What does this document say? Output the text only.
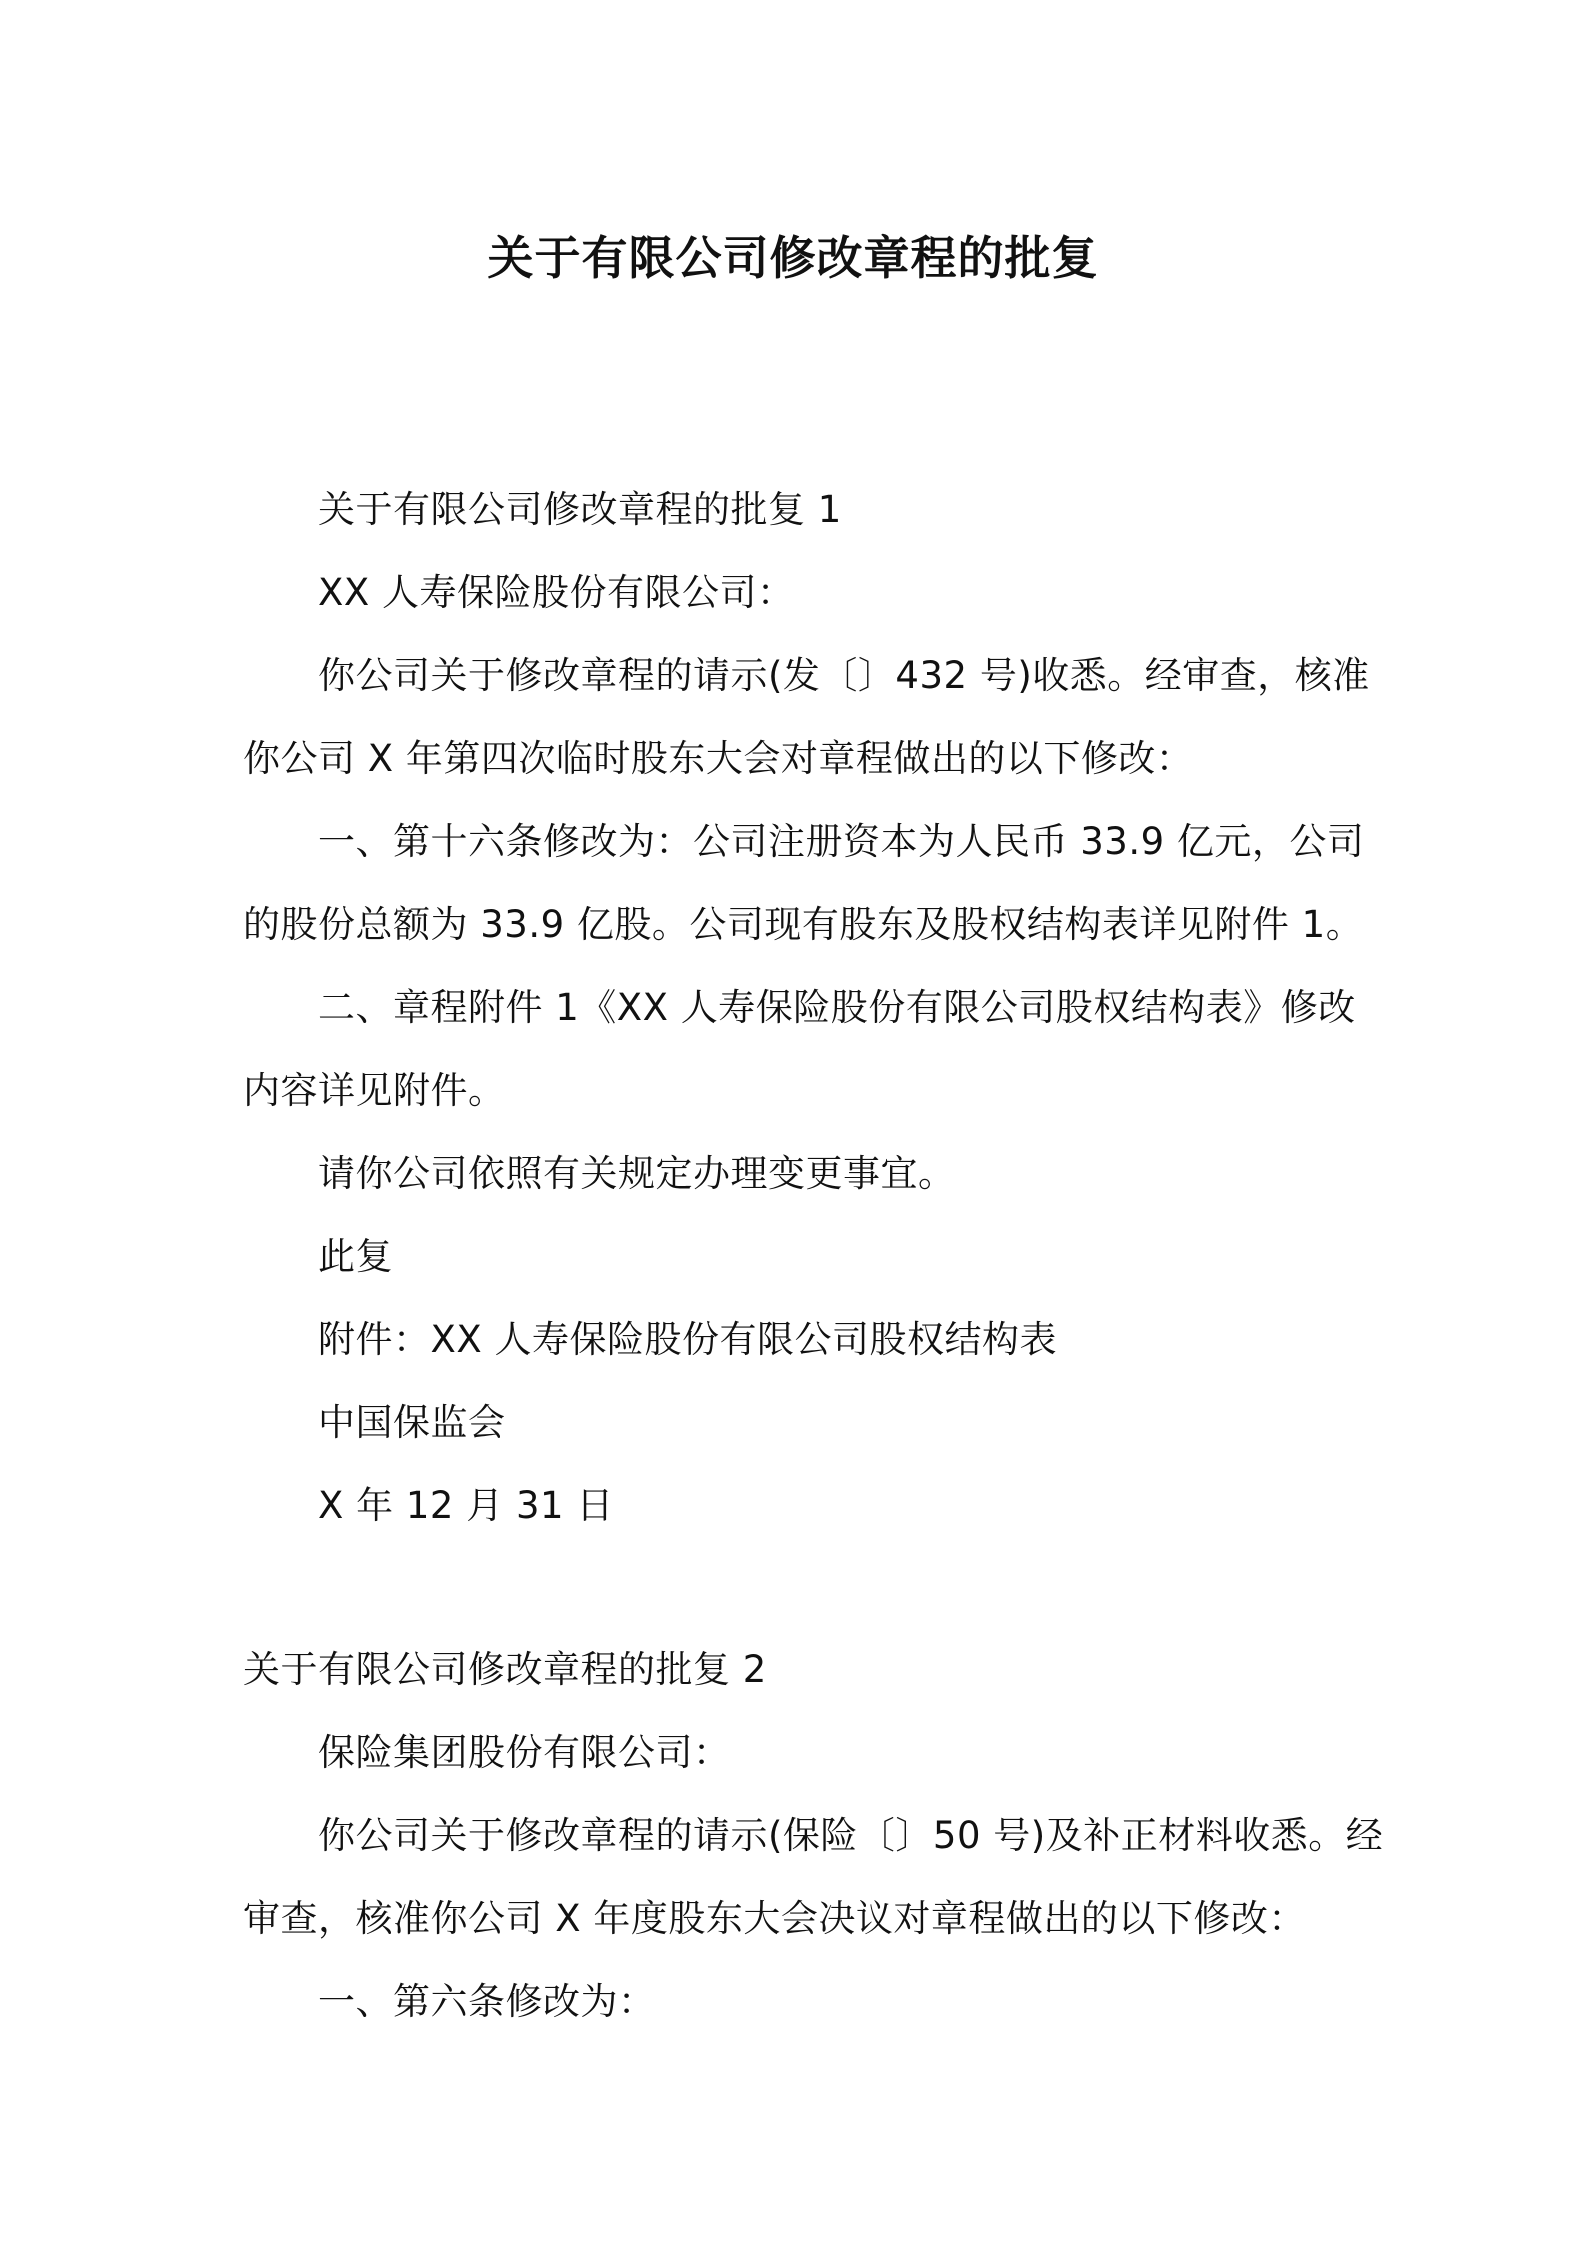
关于有限公司修改章程的批复
关于有限公司修改章程的批复 1
XX 人寿保险股份有限公司：
你公司关于修改章程的请示(发〔〕432 号)收悉。经审查，核准
你公司 X 年第四次临时股东大会对章程做出的以下修改：
一、第十六条修改为：公司注册资本为人民币 33.9 亿元，公司
的股份总额为 33.9 亿股。公司现有股东及股权结构表详见附件 1。
二、章程附件 1《XX 人寿保险股份有限公司股权结构表》修改
内容详见附件。
请你公司依照有关规定办理变更事宜。
此复
附件：XX 人寿保险股份有限公司股权结构表
中国保监会
X 年 12 月 31 日
关于有限公司修改章程的批复 2
保险集团股份有限公司：
你公司关于修改章程的请示(保险〔〕50 号)及补正材料收悉。经
审查，核准你公司 X 年度股东大会决议对章程做出的以下修改：
一、第六条修改为：
